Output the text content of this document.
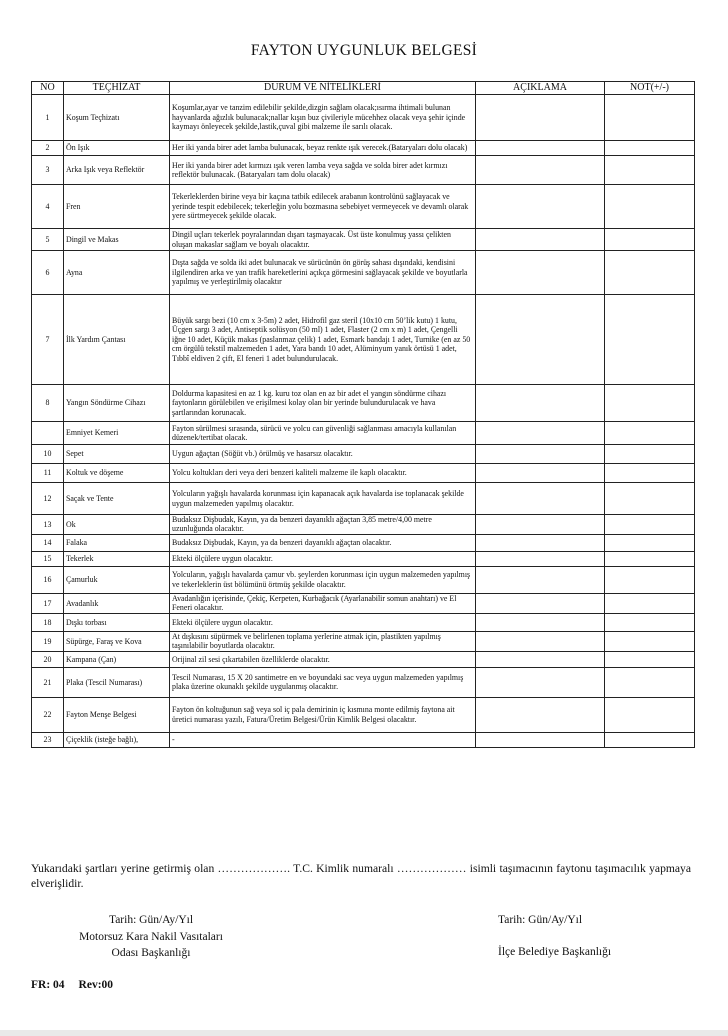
FAYTON UYGUNLUK BELGESİ
NO	TEÇHİZAT	DURUM VE NİTELİKLERİ	AÇIKLAMA	NOT(+/-)
1	Koşum Teçhizatı	Koşumlar,ayar ve tanzim edilebilir şekilde,dizgin sağlam olacak;ısırma ihtimali bulunan hayvanlarda ağızlık bulunacak;nallar kışın buz çivileriyle mücehhez olacak veya şehir içinde kaymayı önleyecek şekilde,lastik,çuval gibi malzeme ile sarılı olacak.		
2	Ön Işık	Her iki yanda birer adet lamba bulunacak, beyaz renkte ışık verecek.(Bataryaları dolu olacak)		
3	Arka Işık veya Reflektör	Her iki yanda birer adet kırmızı ışık veren lamba veya sağda ve solda birer adet kırmızı reflektör bulunacak. (Bataryaları tam dolu olacak)		
4	Fren	Tekerleklerden birine veya bir kaçına tatbik edilecek arabanın kontrolünü sağlayacak ve yerinde tespit edebilecek; tekerleğin yolu bozmasına sebebiyet vermeyecek ve devamlı olarak yere sürtmeyecek şekilde olacak.		
5	Dingil ve Makas	Dingil uçları tekerlek poyralarından dışarı taşmayacak. Üst üste konulmuş yassı çelikten oluşan makaslar sağlam ve boyalı olacaktır.		
6	Ayna	Dışta sağda ve solda iki adet bulunacak ve sürücünün ön görüş sahası dışındaki, kendisini ilgilendiren arka ve yan trafik hareketlerini açıkça görmesini sağlayacak şekilde ve boyutlarla yapılmış ve yerleştirilmiş olacaktır		
7	İlk Yardım Çantası	Büyük sargı bezi (10 cm x 3-5m) 2 adet, Hidrofil gaz steril (10x10 cm 50’lik kutu) 1 kutu, Üçgen sargı 3 adet, Antiseptik solüsyon (50 ml) 1 adet, Flaster (2 cm x m) 1 adet, Çengelli iğne 10 adet, Küçük makas (paslanmaz çelik) 1 adet, Esmark bandajı 1 adet, Turnike (en az 50 cm örgülü tekstil malzemeden 1 adet, Yara bandı 10 adet, Alüminyum yanık örtüsü 1 adet, Tıbbî eldiven 2 çift, El feneri 1 adet bulundurulacak.		
8	Yangın Söndürme Cihazı	Doldurma kapasitesi en az 1 kg. kuru toz olan en az bir adet el yangın söndürme cihazı faytonların görülebilen ve erişilmesi kolay olan bir yerinde bulundurulacak ve hava şartlarından korunacak.		
	Emniyet Kemeri	Fayton sürülmesi sırasında, sürücü ve yolcu can güvenliği sağlanması amacıyla kullanılan düzenek/tertibat olacak.		
10	Sepet	Uygun ağaçtan (Söğüt vb.) örülmüş ve hasarsız olacaktır.		
11	Koltuk ve döşeme	Yolcu koltukları deri veya deri benzeri kaliteli malzeme ile kaplı olacaktır.		
12	Saçak ve Tente	Yolcuların yağışlı havalarda korunması için kapanacak açık havalarda ise toplanacak şekilde uygun malzemeden yapılmış olacaktır.		
13	Ok	Budaksız Dişbudak, Kayın, ya da benzeri dayanıklı ağaçtan 3,85 metre/4,00 metre uzunluğunda olacaktır.		
14	Falaka	Budaksız Dişbudak, Kayın, ya da benzeri dayanıklı ağaçtan olacaktır.		
15	Tekerlek	Ekteki ölçülere uygun olacaktır.		
16	Çamurluk	Yolcuların, yağışlı havalarda çamur vb. şeylerden korunması için uygun malzemeden yapılmış ve tekerleklerin üst bölümünü örtmüş şekilde olacaktır.		
17	Avadanlık	Avadanlığın içerisinde, Çekiç, Kerpeten, Kurbağacık (Ayarlanabilir somun anahtarı) ve El Feneri olacaktır.		
18	Dışkı torbası	Ekteki ölçülere uygun olacaktır.		
19	Süpürge, Faraş ve Kova	At dışkısını süpürmek ve belirlenen toplama yerlerine atmak için, plastikten yapılmış taşınılabilir boyutlarda olacaktır.		
20	Kampana (Çan)	Orijinal zil sesi çıkartabilen özelliklerde olacaktır.		
21	Plaka (Tescil Numarası)	Tescil Numarası, 15 X 20 santimetre en ve boyundaki sac veya uygun malzemeden yapılmış plaka üzerine okunaklı şekilde uygulanmış olacaktır.		
22	Fayton Menşe Belgesi	Fayton ön koltuğunun sağ veya sol iç pala demirinin iç kısmına monte edilmiş faytona ait üretici numarası yazılı, Fatura/Üretim Belgesi/Ürün Kimlik Belgesi olacaktır.		
23	Çiçeklik (isteğe bağlı),	-		
Yukarıdaki şartları yerine getirmiş olan ………………. T.C. Kimlik numaralı ……………… isimli taşımacının faytonu taşımacılık yapmaya elverişlidir.
Tarih: Gün/Ay/Yıl
Motorsuz Kara Nakil Vasıtaları
Odası Başkanlığı
Tarih: Gün/Ay/Yıl
İlçe Belediye Başkanlığı
FR: 04 Rev:00
